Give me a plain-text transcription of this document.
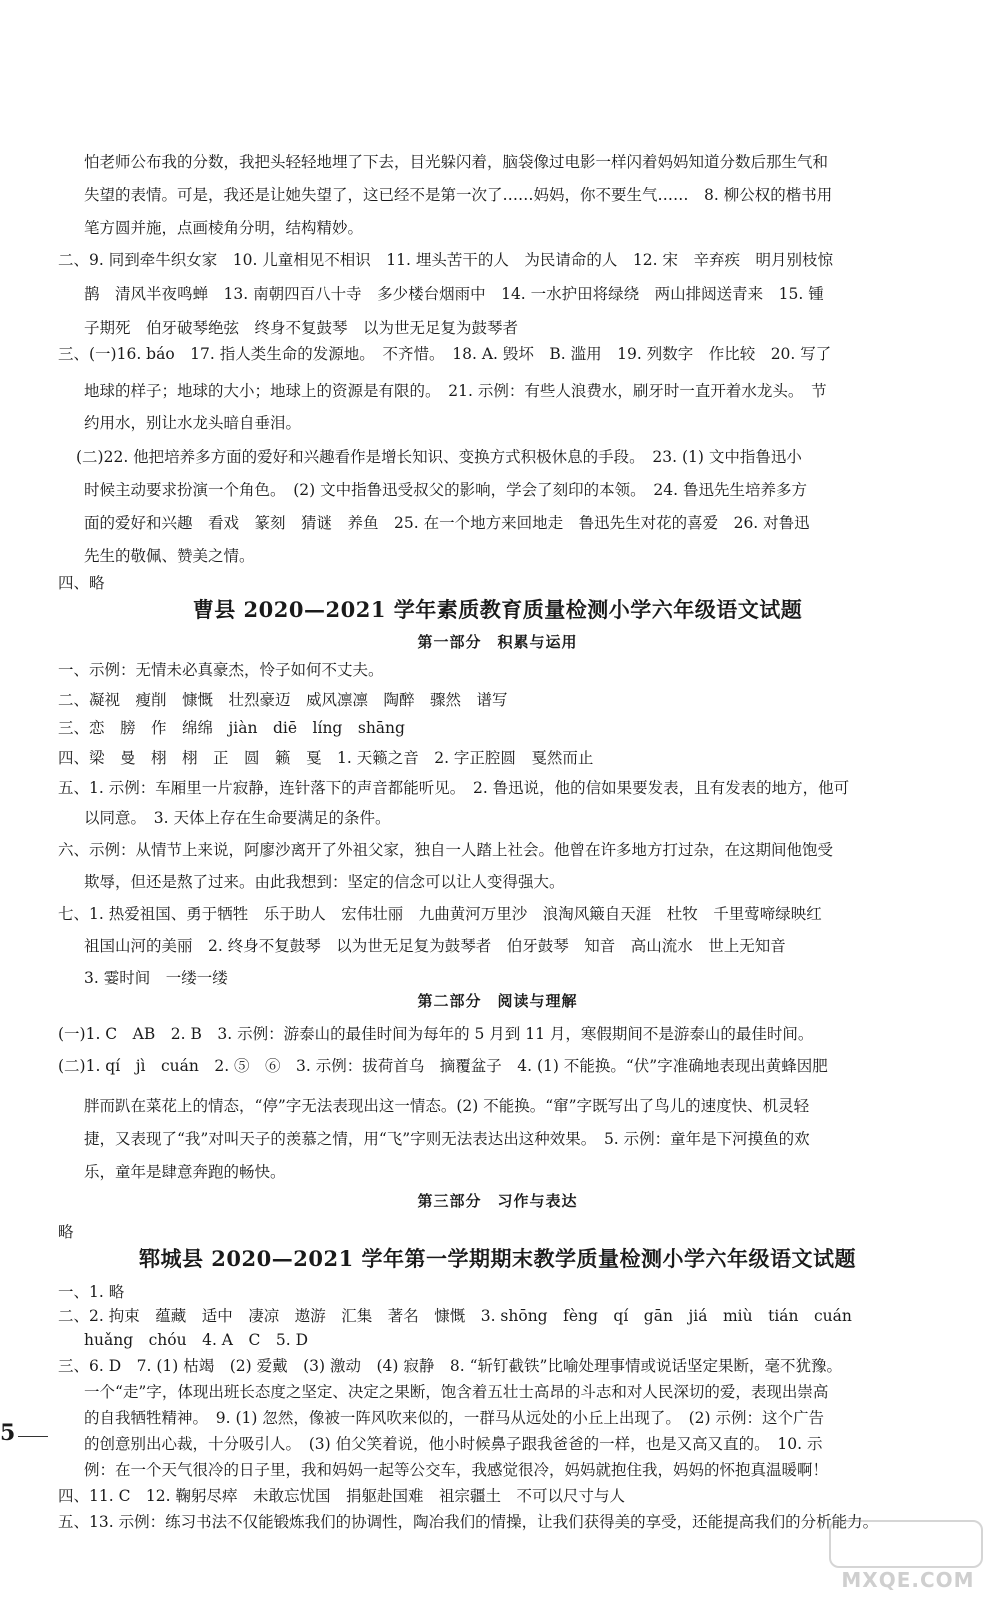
怕老师公布我的分数，我把头轻轻地埋了下去，目光躲闪着，脑袋像过电影一样闪着妈妈知道分数后那生气和

失望的表情。可是，我还是让她失望了，这已经不是第一次了……妈妈，你不要生气……　8. 柳公权的楷书用

笔方圆并施，点画棱角分明，结构精妙。

二、9. 同到牵牛织女家　10. 儿童相见不相识　11. 埋头苦干的人　为民请命的人　12. 宋　辛弃疾　明月别枝惊

鹊　清风半夜鸣蝉　13. 南朝四百八十寺　多少楼台烟雨中　14. 一水护田将绿绕　两山排闼送青来　15. 锺

子期死　伯牙破琴绝弦　终身不复鼓琴　以为世无足复为鼓琴者

三、(一)16. báo　17. 指人类生命的发源地。　不齐惜。　18. A. 毁坏　B. 滥用　19. 列数字　作比较　20. 写了

地球的样子；地球的大小；地球上的资源是有限的。　21. 示例：有些人浪费水，刷牙时一直开着水龙头。　节

约用水，别让水龙头暗自垂泪。

(二)22. 他把培养多方面的爱好和兴趣看作是增长知识、变换方式积极休息的手段。　23. (1) 文中指鲁迅小

时候主动要求扮演一个角色。　(2) 文中指鲁迅受叔父的影响，学会了刻印的本领。　24. 鲁迅先生培养多方

面的爱好和兴趣　看戏　篆刻　猜谜　养鱼　25. 在一个地方来回地走　鲁迅先生对花的喜爱　26. 对鲁迅

先生的敬佩、赞美之情。

四、略

曹县 2020—2021 学年素质教育质量检测小学六年级语文试题
第一部分　积累与运用

一、示例：无情未必真豪杰，怜子如何不丈夫。

二、凝视　瘦削　慷慨　壮烈豪迈　威风凛凛　陶醉　骤然　谱写

三、恋　膀　作　绵绵　jiàn　diē　líng　shāng

四、梁　曼　栩　栩　正　圆　籁　戛　1. 天籁之音　2. 字正腔圆　戛然而止

五、1. 示例：车厢里一片寂静，连针落下的声音都能听见。　2. 鲁迅说，他的信如果要发表，且有发表的地方，他可

以同意。　3. 天体上存在生命要满足的条件。

六、示例：从情节上来说，阿廖沙离开了外祖父家，独自一人踏上社会。他曾在许多地方打过杂，在这期间他饱受

欺辱，但还是熬了过来。由此我想到：坚定的信念可以让人变得强大。

七、1. 热爱祖国、勇于牺牲　乐于助人　宏伟壮丽　九曲黄河万里沙　浪淘风簸自天涯　杜牧　千里莺啼绿映红

祖国山河的美丽　2. 终身不复鼓琴　以为世无足复为鼓琴者　伯牙鼓琴　知音　高山流水　世上无知音

3. 霎时间　一缕一缕

第二部分　阅读与理解

(一)1. C　AB　2. B　3. 示例：游泰山的最佳时间为每年的 5 月到 11 月，寒假期间不是游泰山的最佳时间。

(二)1. qí　jì　cuán　2. ⑤　⑥　3. 示例：拔荷首乌　摘覆盆子　4. (1) 不能换。“伏”字准确地表现出黄蜂因肥

胖而趴在菜花上的情态，“停”字无法表现出这一情态。(2) 不能换。“窜”字既写出了鸟儿的速度快、机灵轻

捷，又表现了“我”对叫天子的羡慕之情，用“飞”字则无法表达出这种效果。　5. 示例：童年是下河摸鱼的欢

乐，童年是肆意奔跑的畅快。

第三部分　习作与表达

略

郓城县 2020—2021 学年第一学期期末教学质量检测小学六年级语文试题

一、1. 略

二、2. 拘束　蕴藏　适中　凄凉　遨游　汇集　著名　慷慨　3. shōng　fèng　qí　gān　jiá　miù　tián　cuán

huǎng　chóu　4. A　C　5. D

三、6. D　7. (1) 枯竭　(2) 爱戴　(3) 激动　(4) 寂静　8. “斩钉截铁”比喻处理事情或说话坚定果断，毫不犹豫。

一个“走”字，体现出班长态度之坚定、决定之果断，饱含着五壮士高昂的斗志和对人民深切的爱，表现出崇高

的自我牺牲精神。　9. (1) 忽然，像被一阵风吹来似的，一群马从远处的小丘上出现了。　(2) 示例：这个广告

的创意别出心裁，十分吸引人。　(3) 伯父笑着说，他小时候鼻子跟我爸爸的一样，也是又高又直的。　10. 示

例：在一个天气很冷的日子里，我和妈妈一起等公交车，我感觉很冷，妈妈就抱住我，妈妈的怀抱真温暖啊！

四、11. C　12. 鞠躬尽瘁　未敢忘忧国　捐躯赴国难　祖宗疆土　不可以尺寸与人

五、13. 示例：练习书法不仅能锻炼我们的协调性，陶冶我们的情操，让我们获得美的享受，还能提高我们的分析能力。

5
MXQE.COM
